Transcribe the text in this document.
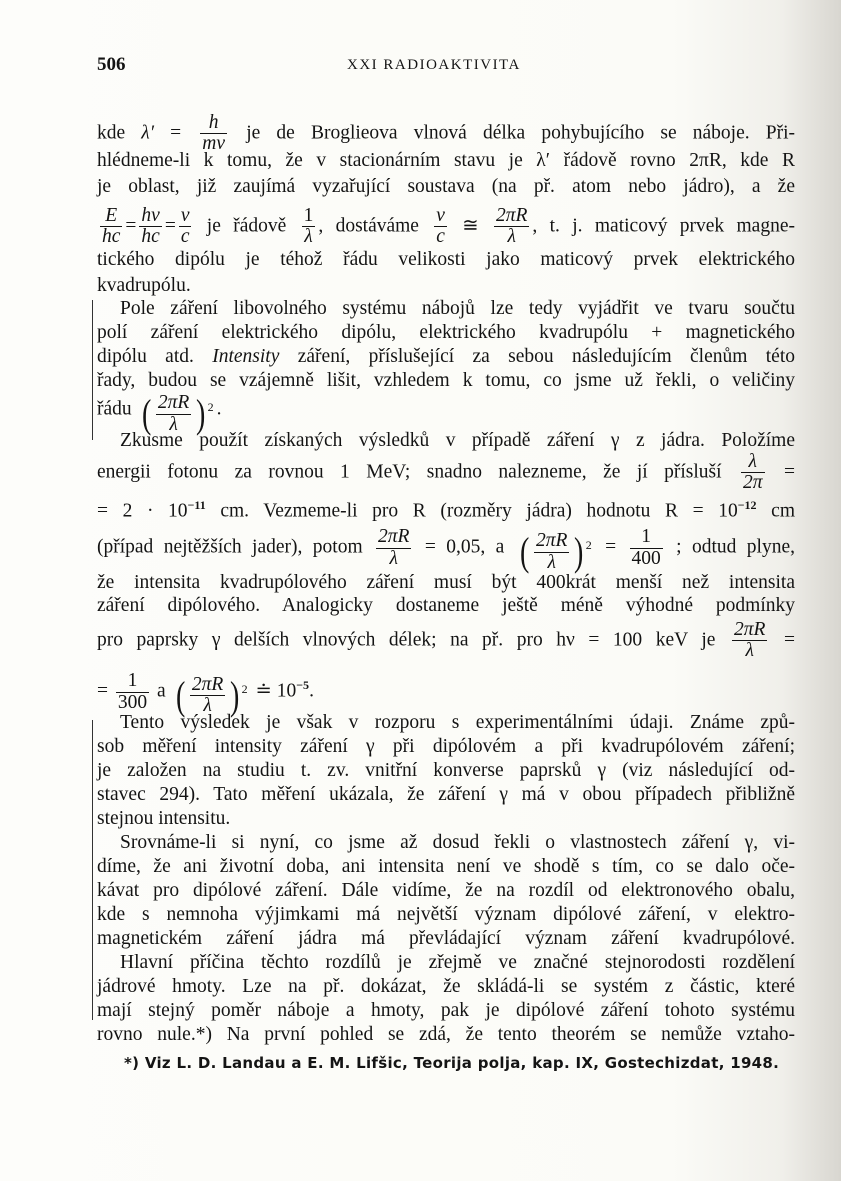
506	XXI RADIOAKTIVITA
kde $\lambda' = \frac{h}{mv}$ je de Broglieova vlnová délka pohybujícího se náboje. Při-
hlédneme-li k tomu, že v stacionárním stavu je λ′ řádově rovno 2πR, kde R
je oblast, již zaujímá vyzařující soustava (na př. atom nebo jádro), a že
$\frac{E}{hc} = \frac{h\nu}{hc} = \frac{\nu}{c}$ je řádově $\frac{1}{\lambda}$ , dostáváme $\frac{v}{c}$ ≅ $\frac{2\pi R}{\lambda}$ , t. j. maticový prvek magne-
tického dipólu je téhož řádu velikosti jako maticový prvek elektrického
kvadrupólu.
Pole záření libovolného systému nábojů lze tedy vyjádřit ve tvaru součtu
polí záření elektrického dipólu, elektrického kvadrupólu + magnetického
dipólu atd. Intensity záření, příslušející za sebou následujícím členům této
řady, budou se vzájemně lišit, vzhledem k tomu, co jsme už řekli, o veličiny
řádu ( $\frac{2\pi R}{\lambda}$ ) $^2$ .
Zkusme použít získaných výsledků v případě záření γ z jádra. Položíme
energii fotonu za rovnou 1 MeV; snadno nalezneme, že jí přísluší $\frac{\lambda}{2\pi}$ =
= $2 \cdot 10^{-11}$ cm. Vezmeme-li pro R (rozměry jádra) hodnotu $R = 10^{-12}$ cm
(případ nejtěžších jader), potom $\frac{2\pi R}{\lambda} = 0,05$, a ( $\frac{2\pi R}{\lambda}$ ) $^2 = \frac{1}{400}$ ; odtud plyne,
že intensita kvadrupólového záření musí být 400krát menší než intensita
záření dipólového. Analogicky dostaneme ještě méně výhodné podmínky
pro paprsky γ delších vlnových délek; na př. pro hν = 100 keV je $\frac{2\pi R}{\lambda}$ =
= $\frac{1}{300}$ a ( $\frac{2\pi R}{\lambda}$ ) $^2$ ≐ $10^{-5}$.
Tento výsledek je však v rozporu s experimentálními údaji. Známe způ-
sob měření intensity záření γ při dipólovém a při kvadrupólovém záření;
je založen na studiu t. zv. vnitřní konverse paprsků γ (viz následující od-
stavec 294). Tato měření ukázala, že záření γ má v obou případech přibližně
stejnou intensitu.
Srovnáme-li si nyní, co jsme až dosud řekli o vlastnostech záření γ, vi-
díme, že ani životní doba, ani intensita není ve shodě s tím, co se dalo oče-
kávat pro dipólové záření. Dále vidíme, že na rozdíl od elektronového obalu,
kde s nemnoha výjimkami má největší význam dipólové záření, v elektro-
magnetickém záření jádra má převládající význam záření kvadrupólové.
Hlavní příčina těchto rozdílů je zřejmě ve značné stejnorodosti rozdělení
jádrové hmoty. Lze na př. dokázat, že skládá-li se systém z částic, které
mají stejný poměr náboje a hmoty, pak je dipólové záření tohoto systému
rovno nule.*) Na první pohled se zdá, že tento theorém se nemůže vztaho-
*) Viz L. D. Landau a E. M. Lifšic, Teorija polja, kap. IX, Gostechizdat, 1948.
